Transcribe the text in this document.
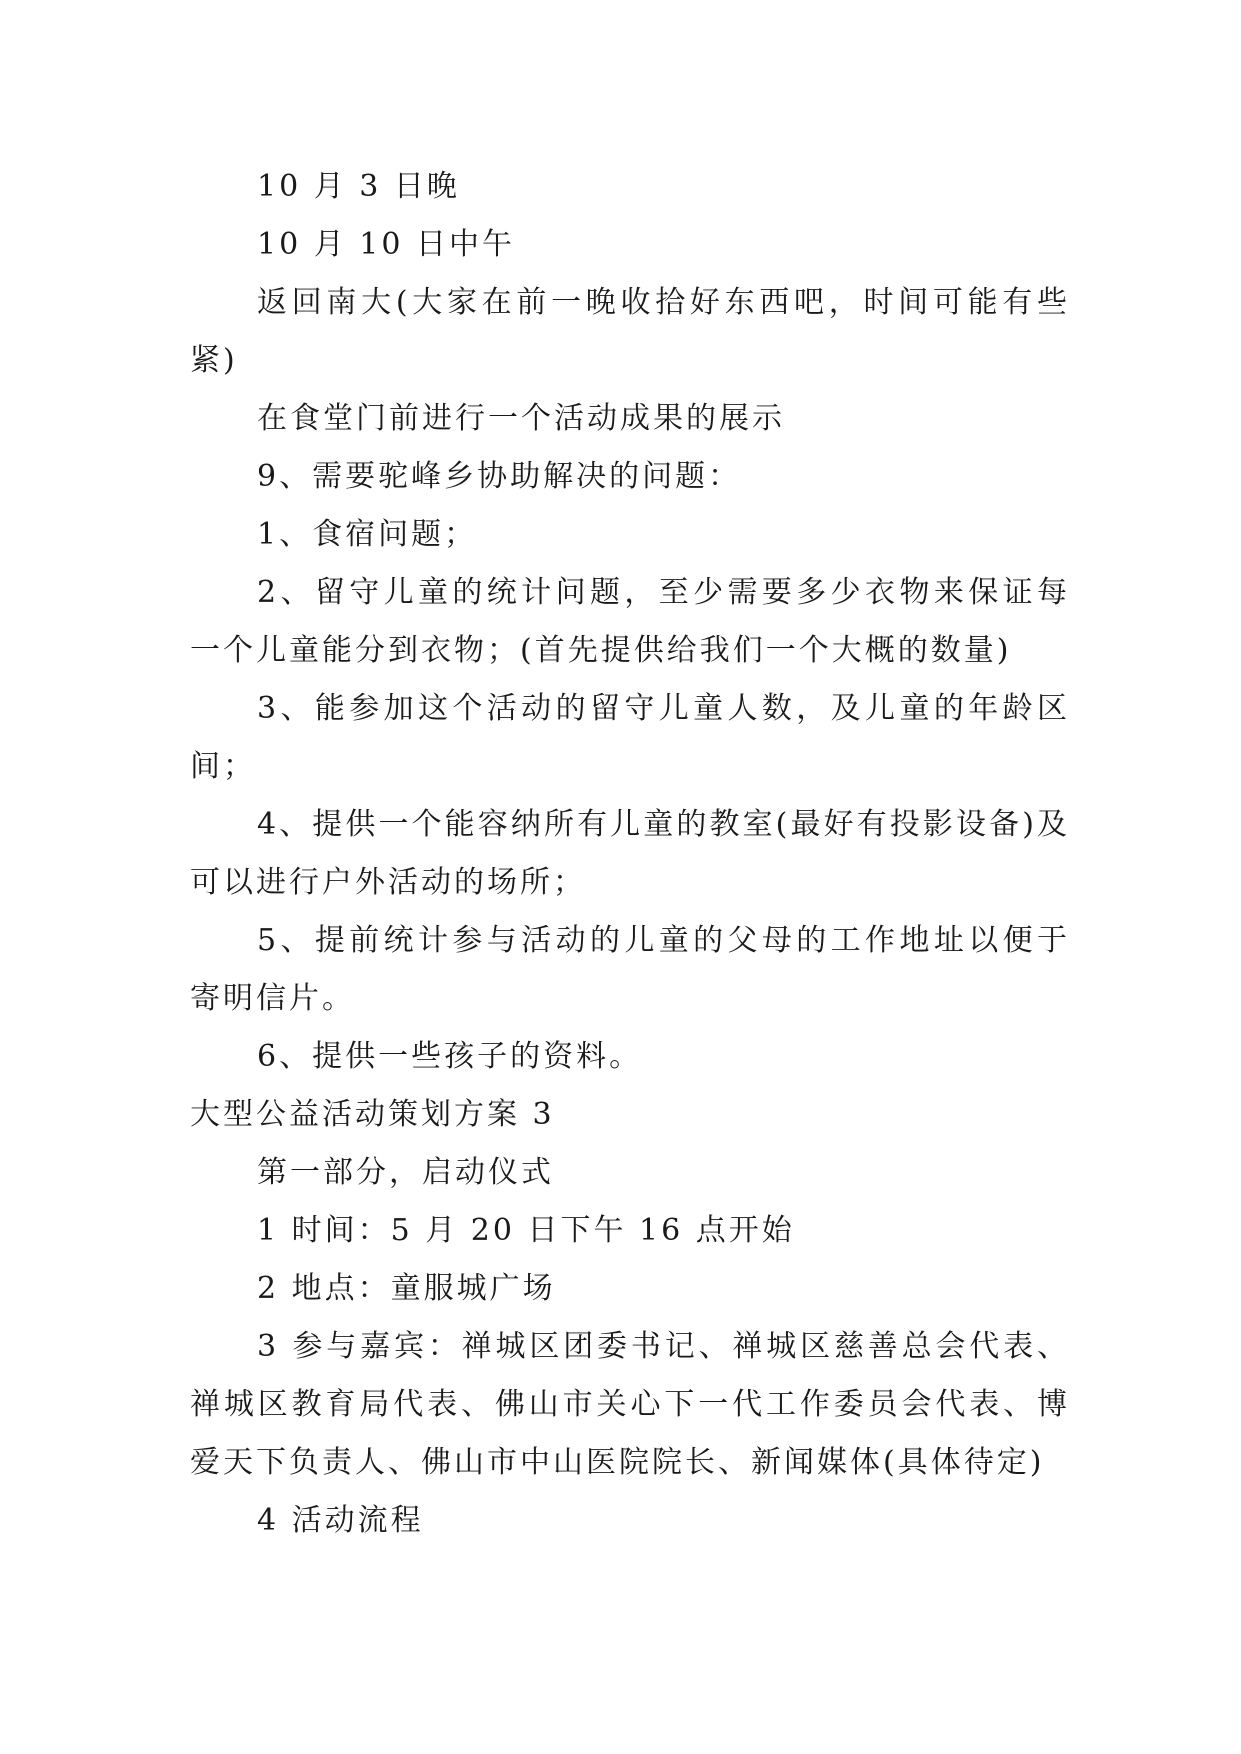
10 月 3 日晚

10 月 10 日中午

返回南大(大家在前一晚收拾好东西吧，时间可能有些紧)

在食堂门前进行一个活动成果的展示

9、需要驼峰乡协助解决的问题：

1、食宿问题；

2、留守儿童的统计问题，至少需要多少衣物来保证每一个儿童能分到衣物；(首先提供给我们一个大概的数量)

3、能参加这个活动的留守儿童人数，及儿童的年龄区间；

4、提供一个能容纳所有儿童的教室(最好有投影设备)及可以进行户外活动的场所；

5、提前统计参与活动的儿童的父母的工作地址以便于寄明信片。

6、提供一些孩子的资料。

大型公益活动策划方案 3

第一部分，启动仪式

1 时间：5 月 20 日下午 16 点开始

2 地点：童服城广场

3 参与嘉宾：禅城区团委书记、禅城区慈善总会代表、禅城区教育局代表、佛山市关心下一代工作委员会代表、博爱天下负责人、佛山市中山医院院长、新闻媒体(具体待定)

4 活动流程
